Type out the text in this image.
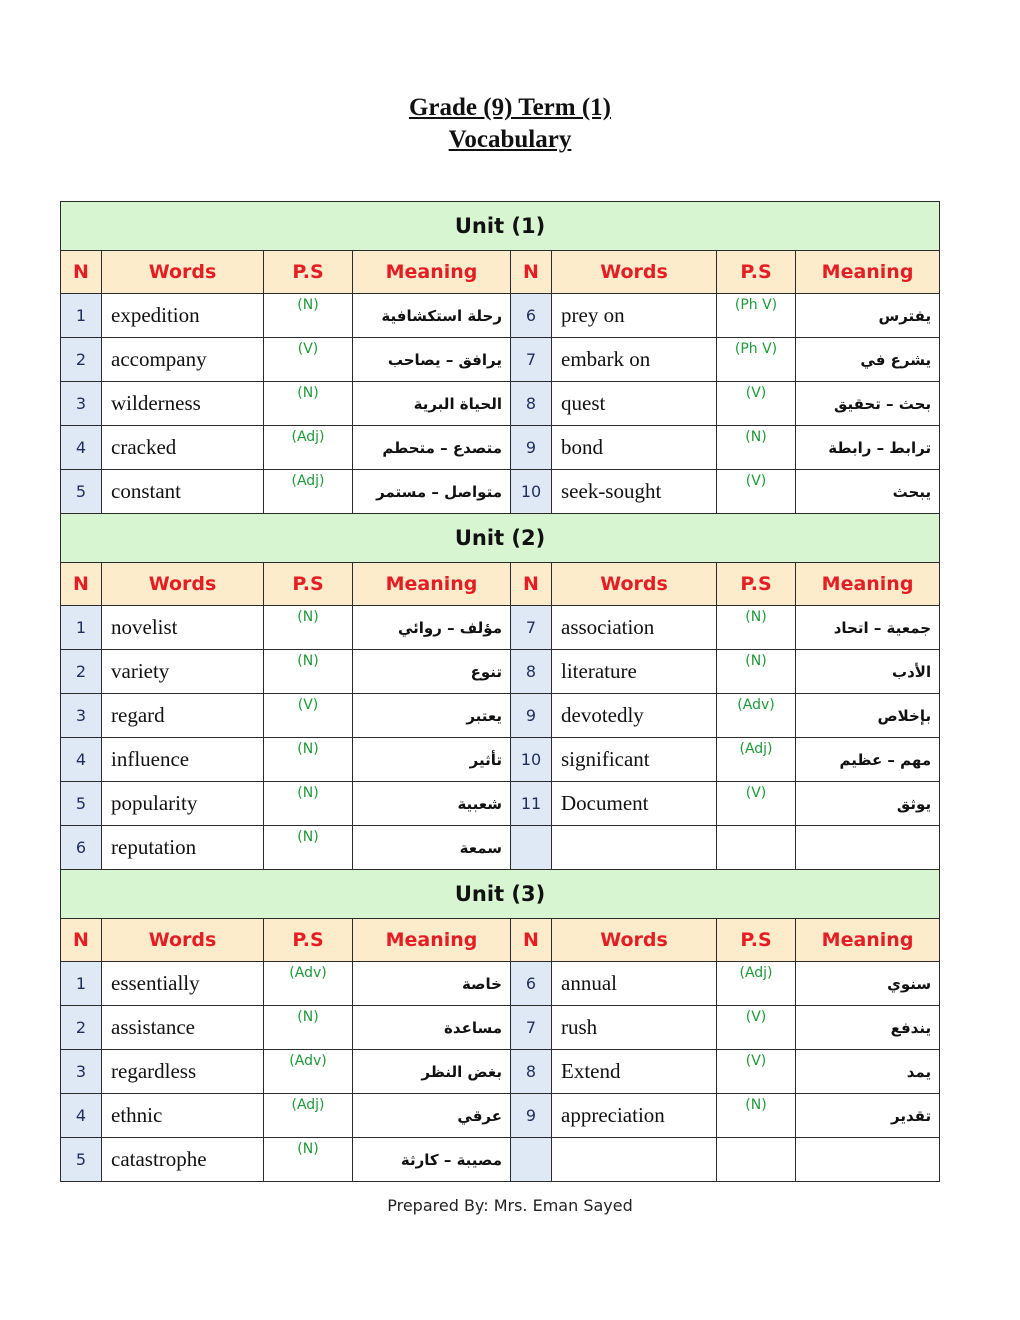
Grade (9) Term (1)
Vocabulary
Unit (1)							
N	Words	P.S	Meaning	N	Words	P.S	Meaning
1	expedition	(N)	رحلة استكشافية	6	prey on	(Ph V)	يفترس
2	accompany	(V)	يرافق – يصاحب	7	embark on	(Ph V)	يشرع في
3	wilderness	(N)	الحياة البرية	8	quest	(V)	بحث – تحقيق
4	cracked	(Adj)	متصدع – متحطم	9	bond	(N)	ترابط – رابطة
5	constant	(Adj)	متواصل – مستمر	10	seek-sought	(V)	يبحث
Unit (2)							
N	Words	P.S	Meaning	N	Words	P.S	Meaning
1	novelist	(N)	مؤلف – روائي	7	association	(N)	جمعية – اتحاد
2	variety	(N)	تنوع	8	literature	(N)	الأدب
3	regard	(V)	يعتبر	9	devotedly	(Adv)	بإخلاص
4	influence	(N)	تأثير	10	significant	(Adj)	مهم – عظيم
5	popularity	(N)	شعبية	11	Document	(V)	يوثق
6	reputation	(N)	سمعة				
Unit (3)							
N	Words	P.S	Meaning	N	Words	P.S	Meaning
1	essentially	(Adv)	خاصة	6	annual	(Adj)	سنوي
2	assistance	(N)	مساعدة	7	rush	(V)	يندفع
3	regardless	(Adv)	بغض النظر	8	Extend	(V)	يمد
4	ethnic	(Adj)	عرقي	9	appreciation	(N)	تقدير
5	catastrophe	(N)	مصيبة – كارثة				
Prepared By: Mrs. Eman Sayed
